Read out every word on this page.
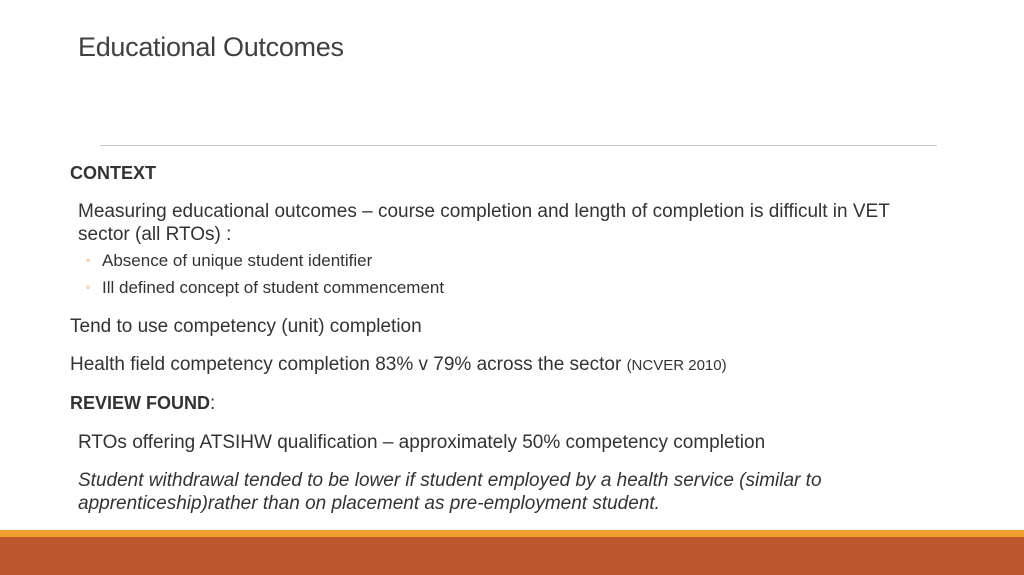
Educational Outcomes
CONTEXT
Measuring educational outcomes – course completion and length of completion is difficult in VET sector (all RTOs) :
◦ Absence of unique student identifier
◦ Ill defined concept of student commencement
Tend to use competency (unit) completion
Health field competency completion 83% v 79% across the sector (NCVER 2010)
REVIEW FOUND:
RTOs offering ATSIHW qualification – approximately 50% competency completion
Student withdrawal tended to be lower if student employed by a health service (similar to apprenticeship)rather than on placement as pre-employment student.
